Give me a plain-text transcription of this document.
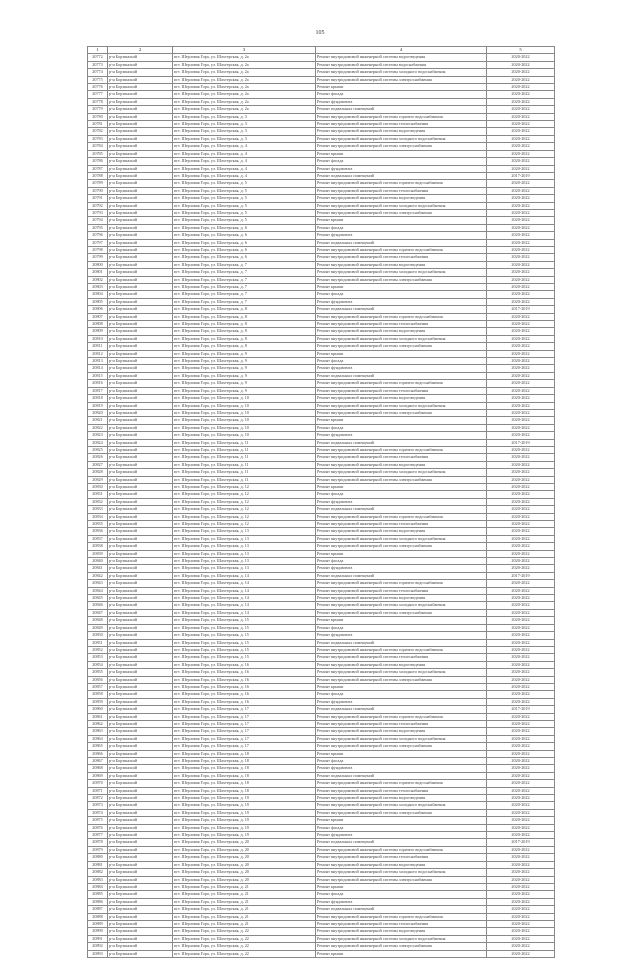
105
1	2	3	4	5
20772	р-н Борзинский	пгт. Шерловая Гора, ул. Шахтерская, д. 2а	Ремонт внутридомовой инженерной системы водоотведения	2020-2022
20773	р-н Борзинский	пгт. Шерловая Гора, ул. Шахтерская, д. 2а	Ремонт внутридомовой инженерной системы водоснабжения	2020-2022
20774	р-н Борзинский	пгт. Шерловая Гора, ул. Шахтерская, д. 2а	Ремонт внутридомовой инженерной системы холодного водоснабжения	2020-2022
20775	р-н Борзинский	пгт. Шерловая Гора, ул. Шахтерская, д. 2а	Ремонт внутридомовой инженерной системы электроснабжения	2020-2022
20776	р-н Борзинский	пгт. Шерловая Гора, ул. Шахтерская, д. 2а	Ремонт крыши	2020-2022
20777	р-н Борзинский	пгт. Шерловая Гора, ул. Шахтерская, д. 2а	Ремонт фасада	2020-2022
20778	р-н Борзинский	пгт. Шерловая Гора, ул. Шахтерская, д. 2а	Ремонт фундамента	2020-2022
20779	р-н Борзинский	пгт. Шерловая Гора, ул. Шахтерская, д. 2а	Ремонт подвальных помещений	2020-2022
20780	р-н Борзинский	пгт. Шерловая Гора, ул. Шахтерская, д. 3	Ремонт внутридомовой инженерной системы горячего водоснабжения	2020-2022
20781	р-н Борзинский	пгт. Шерловая Гора, ул. Шахтерская, д. 3	Ремонт внутридомовой инженерной системы теплоснабжения	2020-2022
20782	р-н Борзинский	пгт. Шерловая Гора, ул. Шахтерская, д. 3	Ремонт внутридомовой инженерной системы водоотведения	2020-2022
20783	р-н Борзинский	пгт. Шерловая Гора, ул. Шахтерская, д. 3	Ремонт внутридомовой инженерной системы холодного водоснабжения	2020-2022
20784	р-н Борзинский	пгт. Шерловая Гора, ул. Шахтерская, д. 4	Ремонт внутридомовой инженерной системы электроснабжения	2020-2022
20785	р-н Борзинский	пгт. Шерловая Гора, ул. Шахтерская, д. 4	Ремонт крыши	2020-2022
20786	р-н Борзинский	пгт. Шерловая Гора, ул. Шахтерская, д. 4	Ремонт фасада	2020-2022
20787	р-н Борзинский	пгт. Шерловая Гора, ул. Шахтерская, д. 4	Ремонт фундамента	2020-2022
20788	р-н Борзинский	пгт. Шерловая Гора, ул. Шахтерская, д. 4	Ремонт подвальных помещений	2017-2019
20789	р-н Борзинский	пгт. Шерловая Гора, ул. Шахтерская, д. 5	Ремонт внутридомовой инженерной системы горячего водоснабжения	2020-2022
20790	р-н Борзинский	пгт. Шерловая Гора, ул. Шахтерская, д. 5	Ремонт внутридомовой инженерной системы теплоснабжения	2020-2022
20791	р-н Борзинский	пгт. Шерловая Гора, ул. Шахтерская, д. 5	Ремонт внутридомовой инженерной системы водоотведения	2020-2022
20792	р-н Борзинский	пгт. Шерловая Гора, ул. Шахтерская, д. 5	Ремонт внутридомовой инженерной системы холодного водоснабжения	2020-2022
20793	р-н Борзинский	пгт. Шерловая Гора, ул. Шахтерская, д. 5	Ремонт внутридомовой инженерной системы электроснабжения	2020-2022
20794	р-н Борзинский	пгт. Шерловая Гора, ул. Шахтерская, д. 5	Ремонт крыши	2020-2022
20795	р-н Борзинский	пгт. Шерловая Гора, ул. Шахтерская, д. 6	Ремонт фасада	2020-2022
20796	р-н Борзинский	пгт. Шерловая Гора, ул. Шахтерская, д. 6	Ремонт фундамента	2020-2022
20797	р-н Борзинский	пгт. Шерловая Гора, ул. Шахтерская, д. 6	Ремонт подвальных помещений	2020-2022
20798	р-н Борзинский	пгт. Шерловая Гора, ул. Шахтерская, д. 6	Ремонт внутридомовой инженерной системы горячего водоснабжения	2020-2022
20799	р-н Борзинский	пгт. Шерловая Гора, ул. Шахтерская, д. 6	Ремонт внутридомовой инженерной системы теплоснабжения	2020-2022
20800	р-н Борзинский	пгт. Шерловая Гора, ул. Шахтерская, д. 7	Ремонт внутридомовой инженерной системы водоотведения	2020-2022
20801	р-н Борзинский	пгт. Шерловая Гора, ул. Шахтерская, д. 7	Ремонт внутридомовой инженерной системы холодного водоснабжения	2020-2022
20802	р-н Борзинский	пгт. Шерловая Гора, ул. Шахтерская, д. 7	Ремонт внутридомовой инженерной системы электроснабжения	2020-2022
20803	р-н Борзинский	пгт. Шерловая Гора, ул. Шахтерская, д. 7	Ремонт крыши	2020-2022
20804	р-н Борзинский	пгт. Шерловая Гора, ул. Шахтерская, д. 7	Ремонт фасада	2020-2022
20805	р-н Борзинский	пгт. Шерловая Гора, ул. Шахтерская, д. 7	Ремонт фундамента	2020-2022
20806	р-н Борзинский	пгт. Шерловая Гора, ул. Шахтерская, д. 8	Ремонт подвальных помещений	2017-2019
20807	р-н Борзинский	пгт. Шерловая Гора, ул. Шахтерская, д. 8	Ремонт внутридомовой инженерной системы горячего водоснабжения	2020-2022
20808	р-н Борзинский	пгт. Шерловая Гора, ул. Шахтерская, д. 8	Ремонт внутридомовой инженерной системы теплоснабжения	2020-2022
20809	р-н Борзинский	пгт. Шерловая Гора, ул. Шахтерская, д. 8	Ремонт внутридомовой инженерной системы водоотведения	2020-2022
20810	р-н Борзинский	пгт. Шерловая Гора, ул. Шахтерская, д. 8	Ремонт внутридомовой инженерной системы холодного водоснабжения	2020-2022
20811	р-н Борзинский	пгт. Шерловая Гора, ул. Шахтерская, д. 8	Ремонт внутридомовой инженерной системы электроснабжения	2020-2022
20812	р-н Борзинский	пгт. Шерловая Гора, ул. Шахтерская, д. 9	Ремонт крыши	2020-2022
20813	р-н Борзинский	пгт. Шерловая Гора, ул. Шахтерская, д. 9	Ремонт фасада	2020-2022
20814	р-н Борзинский	пгт. Шерловая Гора, ул. Шахтерская, д. 9	Ремонт фундамента	2020-2022
20815	р-н Борзинский	пгт. Шерловая Гора, ул. Шахтерская, д. 9	Ремонт подвальных помещений	2020-2022
20816	р-н Борзинский	пгт. Шерловая Гора, ул. Шахтерская, д. 9	Ремонт внутридомовой инженерной системы горячего водоснабжения	2020-2022
20817	р-н Борзинский	пгт. Шерловая Гора, ул. Шахтерская, д. 9	Ремонт внутридомовой инженерной системы теплоснабжения	2020-2022
20818	р-н Борзинский	пгт. Шерловая Гора, ул. Шахтерская, д. 10	Ремонт внутридомовой инженерной системы водоотведения	2020-2022
20819	р-н Борзинский	пгт. Шерловая Гора, ул. Шахтерская, д. 10	Ремонт внутридомовой инженерной системы холодного водоснабжения	2020-2022
20820	р-н Борзинский	пгт. Шерловая Гора, ул. Шахтерская, д. 10	Ремонт внутридомовой инженерной системы электроснабжения	2020-2022
20821	р-н Борзинский	пгт. Шерловая Гора, ул. Шахтерская, д. 10	Ремонт крыши	2020-2022
20822	р-н Борзинский	пгт. Шерловая Гора, ул. Шахтерская, д. 10	Ремонт фасада	2020-2022
20823	р-н Борзинский	пгт. Шерловая Гора, ул. Шахтерская, д. 10	Ремонт фундамента	2020-2022
20824	р-н Борзинский	пгт. Шерловая Гора, ул. Шахтерская, д. 11	Ремонт подвальных помещений	2017-2019
20825	р-н Борзинский	пгт. Шерловая Гора, ул. Шахтерская, д. 11	Ремонт внутридомовой инженерной системы горячего водоснабжения	2020-2022
20826	р-н Борзинский	пгт. Шерловая Гора, ул. Шахтерская, д. 11	Ремонт внутридомовой инженерной системы теплоснабжения	2020-2022
20827	р-н Борзинский	пгт. Шерловая Гора, ул. Шахтерская, д. 11	Ремонт внутридомовой инженерной системы водоотведения	2020-2022
20828	р-н Борзинский	пгт. Шерловая Гора, ул. Шахтерская, д. 11	Ремонт внутридомовой инженерной системы холодного водоснабжения	2020-2022
20829	р-н Борзинский	пгт. Шерловая Гора, ул. Шахтерская, д. 11	Ремонт внутридомовой инженерной системы электроснабжения	2020-2022
20830	р-н Борзинский	пгт. Шерловая Гора, ул. Шахтерская, д. 12	Ремонт крыши	2020-2022
20831	р-н Борзинский	пгт. Шерловая Гора, ул. Шахтерская, д. 12	Ремонт фасада	2020-2022
20832	р-н Борзинский	пгт. Шерловая Гора, ул. Шахтерская, д. 12	Ремонт фундамента	2020-2022
20833	р-н Борзинский	пгт. Шерловая Гора, ул. Шахтерская, д. 12	Ремонт подвальных помещений	2020-2022
20834	р-н Борзинский	пгт. Шерловая Гора, ул. Шахтерская, д. 12	Ремонт внутридомовой инженерной системы горячего водоснабжения	2020-2022
20835	р-н Борзинский	пгт. Шерловая Гора, ул. Шахтерская, д. 12	Ремонт внутридомовой инженерной системы теплоснабжения	2020-2022
20836	р-н Борзинский	пгт. Шерловая Гора, ул. Шахтерская, д. 13	Ремонт внутридомовой инженерной системы водоотведения	2020-2022
20837	р-н Борзинский	пгт. Шерловая Гора, ул. Шахтерская, д. 13	Ремонт внутридомовой инженерной системы холодного водоснабжения	2020-2022
20838	р-н Борзинский	пгт. Шерловая Гора, ул. Шахтерская, д. 13	Ремонт внутридомовой инженерной системы электроснабжения	2020-2022
20839	р-н Борзинский	пгт. Шерловая Гора, ул. Шахтерская, д. 13	Ремонт крыши	2020-2022
20840	р-н Борзинский	пгт. Шерловая Гора, ул. Шахтерская, д. 13	Ремонт фасада	2020-2022
20841	р-н Борзинский	пгт. Шерловая Гора, ул. Шахтерская, д. 13	Ремонт фундамента	2020-2022
20842	р-н Борзинский	пгт. Шерловая Гора, ул. Шахтерская, д. 14	Ремонт подвальных помещений	2017-2019
20843	р-н Борзинский	пгт. Шерловая Гора, ул. Шахтерская, д. 14	Ремонт внутридомовой инженерной системы горячего водоснабжения	2020-2022
20844	р-н Борзинский	пгт. Шерловая Гора, ул. Шахтерская, д. 14	Ремонт внутридомовой инженерной системы теплоснабжения	2020-2022
20845	р-н Борзинский	пгт. Шерловая Гора, ул. Шахтерская, д. 14	Ремонт внутридомовой инженерной системы водоотведения	2020-2022
20846	р-н Борзинский	пгт. Шерловая Гора, ул. Шахтерская, д. 14	Ремонт внутридомовой инженерной системы холодного водоснабжения	2020-2022
20847	р-н Борзинский	пгт. Шерловая Гора, ул. Шахтерская, д. 14	Ремонт внутридомовой инженерной системы электроснабжения	2020-2022
20848	р-н Борзинский	пгт. Шерловая Гора, ул. Шахтерская, д. 15	Ремонт крыши	2020-2022
20849	р-н Борзинский	пгт. Шерловая Гора, ул. Шахтерская, д. 15	Ремонт фасада	2020-2022
20850	р-н Борзинский	пгт. Шерловая Гора, ул. Шахтерская, д. 15	Ремонт фундамента	2020-2022
20851	р-н Борзинский	пгт. Шерловая Гора, ул. Шахтерская, д. 15	Ремонт подвальных помещений	2020-2022
20852	р-н Борзинский	пгт. Шерловая Гора, ул. Шахтерская, д. 15	Ремонт внутридомовой инженерной системы горячего водоснабжения	2020-2022
20853	р-н Борзинский	пгт. Шерловая Гора, ул. Шахтерская, д. 15	Ремонт внутридомовой инженерной системы теплоснабжения	2020-2022
20854	р-н Борзинский	пгт. Шерловая Гора, ул. Шахтерская, д. 16	Ремонт внутридомовой инженерной системы водоотведения	2020-2022
20855	р-н Борзинский	пгт. Шерловая Гора, ул. Шахтерская, д. 16	Ремонт внутридомовой инженерной системы холодного водоснабжения	2020-2022
20856	р-н Борзинский	пгт. Шерловая Гора, ул. Шахтерская, д. 16	Ремонт внутридомовой инженерной системы электроснабжения	2020-2022
20857	р-н Борзинский	пгт. Шерловая Гора, ул. Шахтерская, д. 16	Ремонт крыши	2020-2022
20858	р-н Борзинский	пгт. Шерловая Гора, ул. Шахтерская, д. 16	Ремонт фасада	2020-2022
20859	р-н Борзинский	пгт. Шерловая Гора, ул. Шахтерская, д. 16	Ремонт фундамента	2020-2022
20860	р-н Борзинский	пгт. Шерловая Гора, ул. Шахтерская, д. 17	Ремонт подвальных помещений	2017-2019
20861	р-н Борзинский	пгт. Шерловая Гора, ул. Шахтерская, д. 17	Ремонт внутридомовой инженерной системы горячего водоснабжения	2020-2022
20862	р-н Борзинский	пгт. Шерловая Гора, ул. Шахтерская, д. 17	Ремонт внутридомовой инженерной системы теплоснабжения	2020-2022
20863	р-н Борзинский	пгт. Шерловая Гора, ул. Шахтерская, д. 17	Ремонт внутридомовой инженерной системы водоотведения	2020-2022
20864	р-н Борзинский	пгт. Шерловая Гора, ул. Шахтерская, д. 17	Ремонт внутридомовой инженерной системы холодного водоснабжения	2020-2022
20865	р-н Борзинский	пгт. Шерловая Гора, ул. Шахтерская, д. 17	Ремонт внутридомовой инженерной системы электроснабжения	2020-2022
20866	р-н Борзинский	пгт. Шерловая Гора, ул. Шахтерская, д. 18	Ремонт крыши	2020-2022
20867	р-н Борзинский	пгт. Шерловая Гора, ул. Шахтерская, д. 18	Ремонт фасада	2020-2022
20868	р-н Борзинский	пгт. Шерловая Гора, ул. Шахтерская, д. 18	Ремонт фундамента	2020-2022
20869	р-н Борзинский	пгт. Шерловая Гора, ул. Шахтерская, д. 18	Ремонт подвальных помещений	2020-2022
20870	р-н Борзинский	пгт. Шерловая Гора, ул. Шахтерская, д. 18	Ремонт внутридомовой инженерной системы горячего водоснабжения	2020-2022
20871	р-н Борзинский	пгт. Шерловая Гора, ул. Шахтерская, д. 18	Ремонт внутридомовой инженерной системы теплоснабжения	2020-2022
20872	р-н Борзинский	пгт. Шерловая Гора, ул. Шахтерская, д. 19	Ремонт внутридомовой инженерной системы водоотведения	2020-2022
20873	р-н Борзинский	пгт. Шерловая Гора, ул. Шахтерская, д. 19	Ремонт внутридомовой инженерной системы холодного водоснабжения	2020-2022
20874	р-н Борзинский	пгт. Шерловая Гора, ул. Шахтерская, д. 19	Ремонт внутридомовой инженерной системы электроснабжения	2020-2022
20875	р-н Борзинский	пгт. Шерловая Гора, ул. Шахтерская, д. 19	Ремонт крыши	2020-2022
20876	р-н Борзинский	пгт. Шерловая Гора, ул. Шахтерская, д. 19	Ремонт фасада	2020-2022
20877	р-н Борзинский	пгт. Шерловая Гора, ул. Шахтерская, д. 19	Ремонт фундамента	2020-2022
20878	р-н Борзинский	пгт. Шерловая Гора, ул. Шахтерская, д. 20	Ремонт подвальных помещений	2017-2019
20879	р-н Борзинский	пгт. Шерловая Гора, ул. Шахтерская, д. 20	Ремонт внутридомовой инженерной системы горячего водоснабжения	2020-2022
20880	р-н Борзинский	пгт. Шерловая Гора, ул. Шахтерская, д. 20	Ремонт внутридомовой инженерной системы теплоснабжения	2020-2022
20881	р-н Борзинский	пгт. Шерловая Гора, ул. Шахтерская, д. 20	Ремонт внутридомовой инженерной системы водоотведения	2020-2022
20882	р-н Борзинский	пгт. Шерловая Гора, ул. Шахтерская, д. 20	Ремонт внутридомовой инженерной системы холодного водоснабжения	2020-2022
20883	р-н Борзинский	пгт. Шерловая Гора, ул. Шахтерская, д. 20	Ремонт внутридомовой инженерной системы электроснабжения	2020-2022
20884	р-н Борзинский	пгт. Шерловая Гора, ул. Шахтерская, д. 21	Ремонт крыши	2020-2022
20885	р-н Борзинский	пгт. Шерловая Гора, ул. Шахтерская, д. 21	Ремонт фасада	2020-2022
20886	р-н Борзинский	пгт. Шерловая Гора, ул. Шахтерская, д. 21	Ремонт фундамента	2020-2022
20887	р-н Борзинский	пгт. Шерловая Гора, ул. Шахтерская, д. 21	Ремонт подвальных помещений	2020-2022
20888	р-н Борзинский	пгт. Шерловая Гора, ул. Шахтерская, д. 21	Ремонт внутридомовой инженерной системы горячего водоснабжения	2020-2022
20889	р-н Борзинский	пгт. Шерловая Гора, ул. Шахтерская, д. 21	Ремонт внутридомовой инженерной системы теплоснабжения	2020-2022
20890	р-н Борзинский	пгт. Шерловая Гора, ул. Шахтерская, д. 22	Ремонт внутридомовой инженерной системы водоотведения	2020-2022
20891	р-н Борзинский	пгт. Шерловая Гора, ул. Шахтерская, д. 22	Ремонт внутридомовой инженерной системы холодного водоснабжения	2020-2022
20892	р-н Борзинский	пгт. Шерловая Гора, ул. Шахтерская, д. 22	Ремонт внутридомовой инженерной системы электроснабжения	2020-2022
20893	р-н Борзинский	пгт. Шерловая Гора, ул. Шахтерская, д. 22	Ремонт крыши	2020-2022
